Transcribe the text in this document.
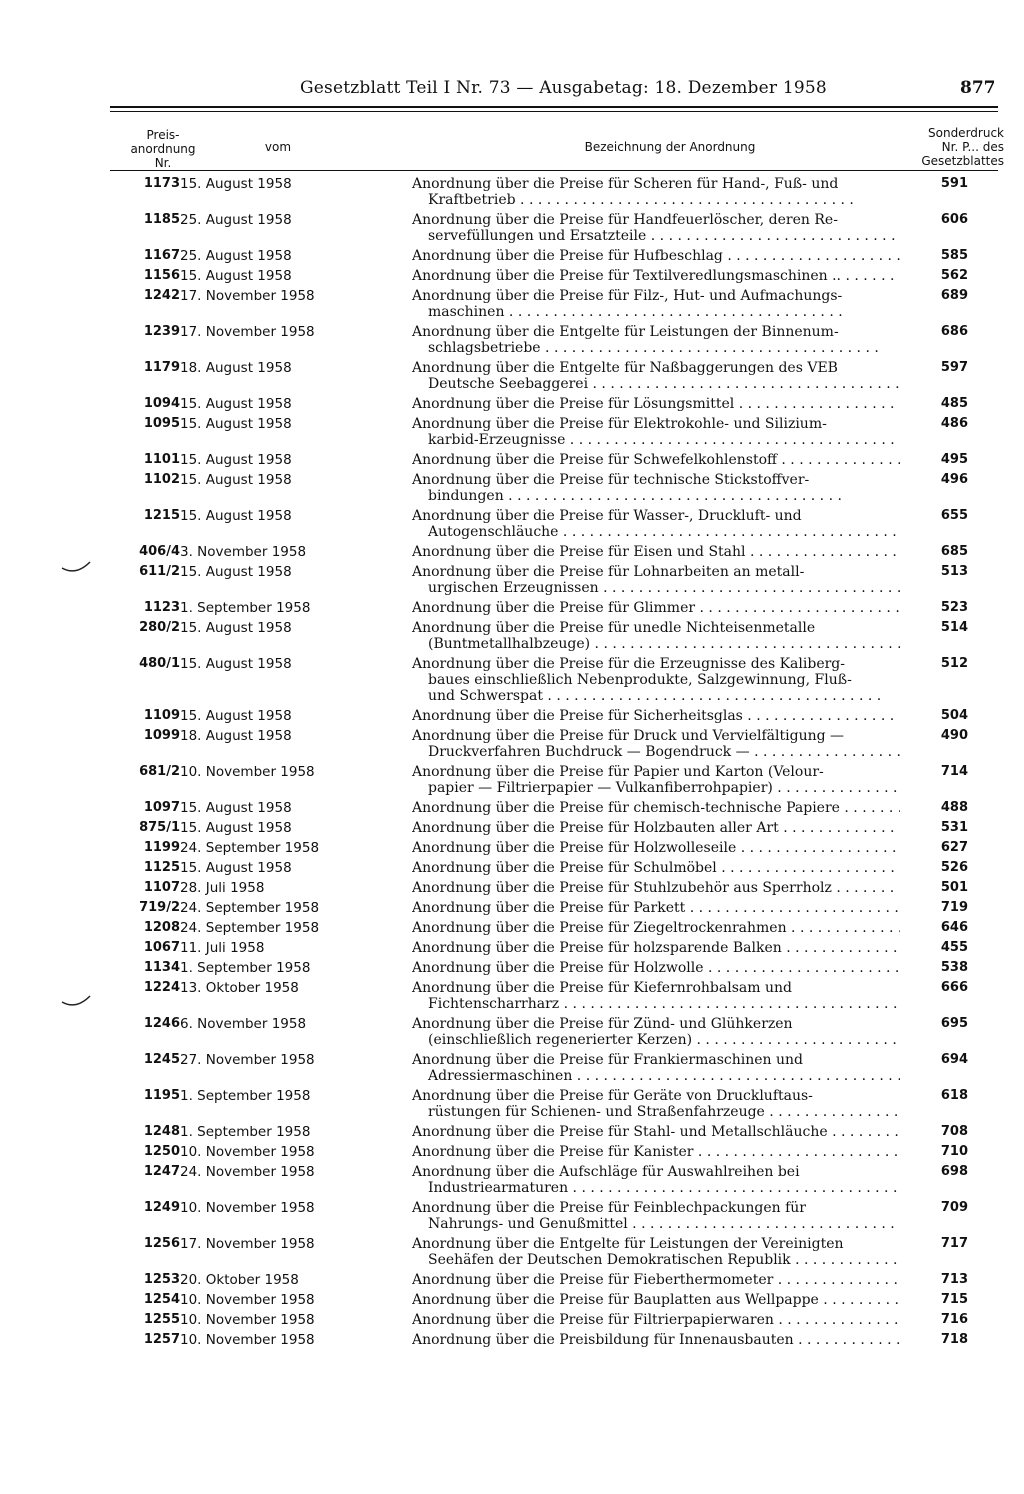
Gesetzblatt Teil I Nr. 73 — Ausgabetag: 18. Dezember 1958	877
Preis-
anordnung
Nr.
vom	Bezeichnung der Anordnung
Sonderdruck
Nr. P... des
Gesetzblattes
1173	15. August 1958	Anordnung über die Preise für Scheren für Hand-, Fuß- und
Kraftbetrieb . . .	591
1185	25. August 1958	Anordnung über die Preise für Handfeuerlöscher, deren Re-
servefüllungen und Ersatzteile . . .	606
1167	25. August 1958	Anordnung über die Preise für Hufbeschlag . . .	585
1156	15. August 1958	Anordnung über die Preise für Textilveredlungsmaschinen .. . . .	562
1242	17. November 1958	Anordnung über die Preise für Filz-, Hut- und Aufmachungs-
maschinen . . .	689
1239	17. November 1958	Anordnung über die Entgelte für Leistungen der Binnenum-
schlagsbetriebe . . .	686
1179	18. August 1958	Anordnung über die Entgelte für Naßbaggerungen des VEB
Deutsche Seebaggerei . . .	597
1094	15. August 1958	Anordnung über die Preise für Lösungsmittel . . .	485
1095	15. August 1958	Anordnung über die Preise für Elektrokohle- und Silizium-
karbid-Erzeugnisse . . .	486
1101	15. August 1958	Anordnung über die Preise für Schwefelkohlenstoff . . .	495
1102	15. August 1958	Anordnung über die Preise für technische Stickstoffver-
bindungen . . .	496
1215	15. August 1958	Anordnung über die Preise für Wasser-, Druckluft- und
Autogenschläuche . . .	655
406/4	3. November 1958	Anordnung über die Preise für Eisen und Stahl . . .	685
611/2	15. August 1958	Anordnung über die Preise für Lohnarbeiten an metall-
urgischen Erzeugnissen . . .	513
1123	1. September 1958	Anordnung über die Preise für Glimmer . . .	523
280/2	15. August 1958	Anordnung über die Preise für unedle Nichteisenmetalle
(Buntmetallhalbzeuge) . . .	514
480/1	15. August 1958	Anordnung über die Preise für die Erzeugnisse des Kaliberg-
baues einschließlich Nebenprodukte, Salzgewinnung, Fluß-
und Schwerspat . . .	512
1109	15. August 1958	Anordnung über die Preise für Sicherheitsglas . . .	504
1099	18. August 1958	Anordnung über die Preise für Druck und Vervielfältigung —
Druckverfahren Buchdruck — Bogendruck — . . .	490
681/2	10. November 1958	Anordnung über die Preise für Papier und Karton (Velour-
papier — Filtrierpapier — Vulkanfiberrohpapier) . . .	714
1097	15. August 1958	Anordnung über die Preise für chemisch-technische Papiere . . .	488
875/1	15. August 1958	Anordnung über die Preise für Holzbauten aller Art . . .	531
1199	24. September 1958	Anordnung über die Preise für Holzwolleseile . . .	627
1125	15. August 1958	Anordnung über die Preise für Schulmöbel . . .	526
1107	28. Juli 1958	Anordnung über die Preise für Stuhlzubehör aus Sperrholz . . .	501
719/2	24. September 1958	Anordnung über die Preise für Parkett . . .	719
1208	24. September 1958	Anordnung über die Preise für Ziegeltrockenrahmen . . .	646
1067	11. Juli 1958	Anordnung über die Preise für holzsparende Balken . . .	455
1134	1. September 1958	Anordnung über die Preise für Holzwolle . . .	538
1224	13. Oktober 1958	Anordnung über die Preise für Kiefernrohbalsam und
Fichtenscharrharz . . .	666
1246	6. November 1958	Anordnung über die Preise für Zünd- und Glühkerzen
(einschließlich regenerierter Kerzen) . . .	695
1245	27. November 1958	Anordnung über die Preise für Frankiermaschinen und
Adressiermaschinen . . .	694
1195	1. September 1958	Anordnung über die Preise für Geräte von Druckluftaus-
rüstungen für Schienen- und Straßenfahrzeuge . . .	618
1248	1. September 1958	Anordnung über die Preise für Stahl- und Metallschläuche . . .	708
1250	10. November 1958	Anordnung über die Preise für Kanister . . .	710
1247	24. November 1958	Anordnung über die Aufschläge für Auswahlreihen bei
Industriearmaturen . . .	698
1249	10. November 1958	Anordnung über die Preise für Feinblechpackungen für
Nahrungs- und Genußmittel . . .	709
1256	17. November 1958	Anordnung über die Entgelte für Leistungen der Vereinigten
Seehäfen der Deutschen Demokratischen Republik . . .	717
1253	20. Oktober 1958	Anordnung über die Preise für Fieberthermometer . . .	713
1254	10. November 1958	Anordnung über die Preise für Bauplatten aus Wellpappe . . .	715
1255	10. November 1958	Anordnung über die Preise für Filtrierpapierwaren . . .	716
1257	10. November 1958	Anordnung über die Preisbildung für Innenausbauten . . .	718
